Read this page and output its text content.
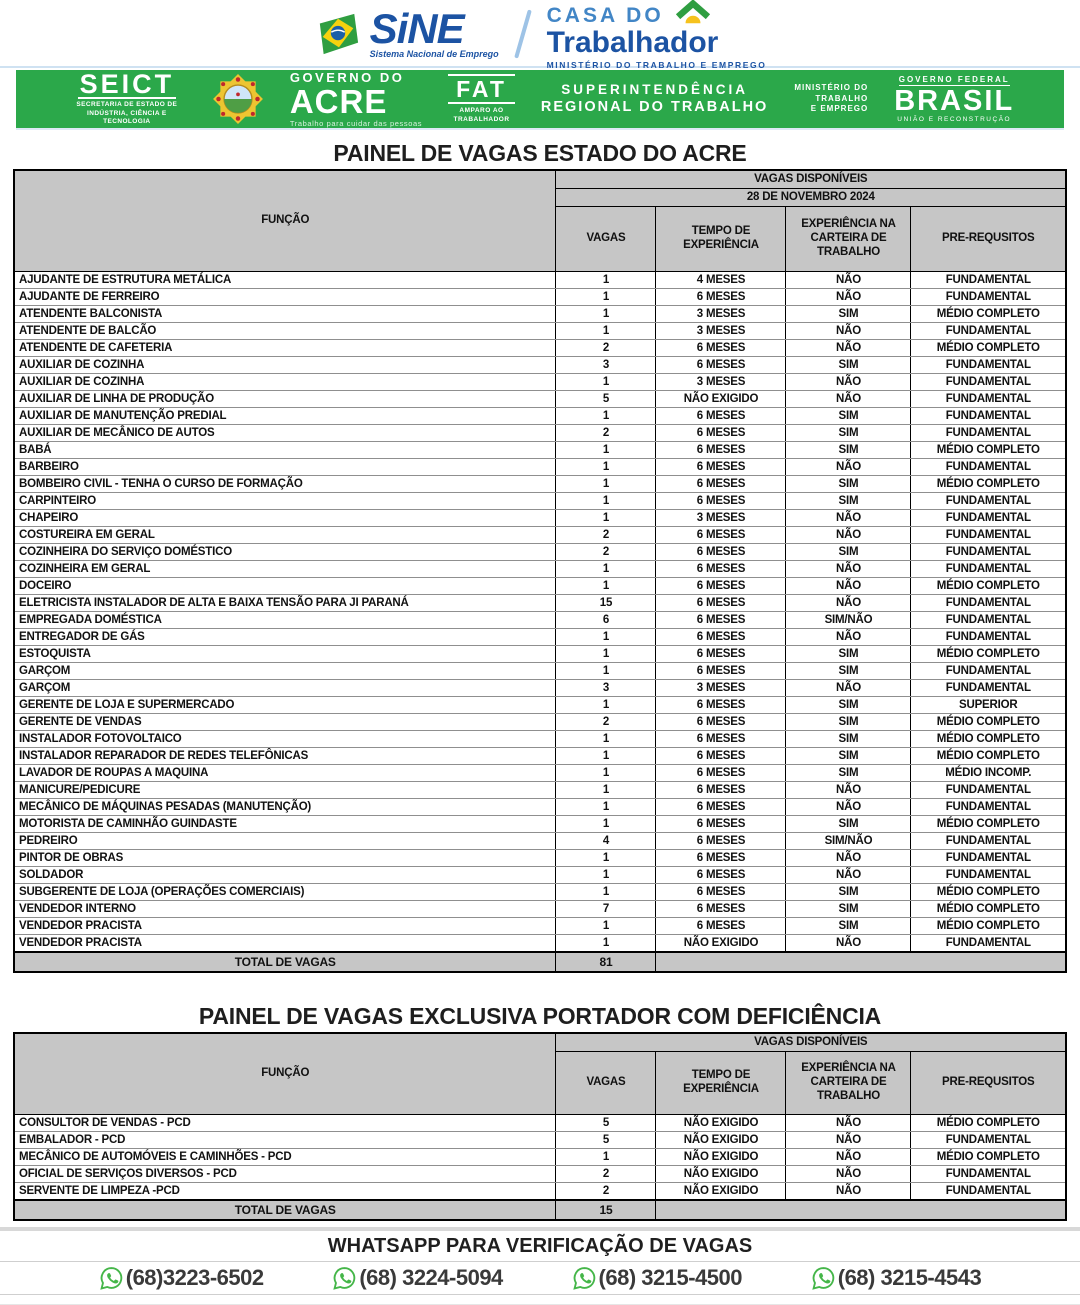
SiNE
Sistema Nacional de Emprego
CASA DO
Trabalhador
MINISTÉRIO DO TRABALHO E EMPREGO
SEICT
SECRETARIA DE ESTADO DE INDÚSTRIA, CIÊNCIA E TECNOLOGIA
GOVERNO DO
ACRE
Trabalho para cuidar das pessoas
FAT
AMPARO AO TRABALHADOR
SUPERINTENDÊNCIA
REGIONAL DO TRABALHO
MINISTÉRIO DO
TRABALHO
E EMPREGO
GOVERNO FEDERAL
BRASIL
UNIÃO E RECONSTRUÇÃO
PAINEL DE VAGAS ESTADO DO ACRE
FUNÇÃO	VAGAS DISPONÍVEIS			
	28 DE NOVEMBRO 2024			
	VAGAS	TEMPO DE EXPERIÊNCIA	EXPERIÊNCIA NA CARTEIRA DE TRABALHO	PRE-REQUSITOS
AJUDANTE DE ESTRUTURA METÁLICA	1	4 MESES	NÃO	FUNDAMENTAL
AJUDANTE DE FERREIRO	1	6 MESES	NÃO	FUNDAMENTAL
ATENDENTE BALCONISTA	1	3 MESES	SIM	MÉDIO COMPLETO
ATENDENTE DE BALCÃO	1	3 MESES	NÃO	FUNDAMENTAL
ATENDENTE DE CAFETERIA	2	6 MESES	NÃO	MÉDIO COMPLETO
AUXILIAR DE COZINHA	3	6 MESES	SIM	FUNDAMENTAL
AUXILIAR DE COZINHA	1	3 MESES	NÃO	FUNDAMENTAL
AUXILIAR DE LINHA DE PRODUÇÃO	5	NÃO EXIGIDO	NÃO	FUNDAMENTAL
AUXILIAR DE MANUTENÇÃO PREDIAL	1	6 MESES	SIM	FUNDAMENTAL
AUXILIAR DE MECÂNICO DE AUTOS	2	6 MESES	SIM	FUNDAMENTAL
BABÁ	1	6 MESES	SIM	MÉDIO COMPLETO
BARBEIRO	1	6 MESES	NÃO	FUNDAMENTAL
BOMBEIRO CIVIL - TENHA O CURSO DE FORMAÇÃO	1	6 MESES	SIM	MÉDIO COMPLETO
CARPINTEIRO	1	6 MESES	SIM	FUNDAMENTAL
CHAPEIRO	1	3 MESES	NÃO	FUNDAMENTAL
COSTUREIRA EM GERAL	2	6 MESES	NÃO	FUNDAMENTAL
COZINHEIRA DO SERVIÇO DOMÉSTICO	2	6 MESES	SIM	FUNDAMENTAL
COZINHEIRA EM GERAL	1	6 MESES	NÃO	FUNDAMENTAL
DOCEIRO	1	6 MESES	NÃO	MÉDIO COMPLETO
ELETRICISTA INSTALADOR DE ALTA E BAIXA TENSÃO PARA JI PARANÁ	15	6 MESES	NÃO	FUNDAMENTAL
EMPREGADA DOMÉSTICA	6	6 MESES	SIM/NÃO	FUNDAMENTAL
ENTREGADOR DE GÁS	1	6 MESES	NÃO	FUNDAMENTAL
ESTOQUISTA	1	6 MESES	SIM	MÉDIO COMPLETO
GARÇOM	1	6 MESES	SIM	FUNDAMENTAL
GARÇOM	3	3 MESES	NÃO	FUNDAMENTAL
GERENTE DE LOJA E SUPERMERCADO	1	6 MESES	SIM	SUPERIOR
GERENTE DE VENDAS	2	6 MESES	SIM	MÉDIO COMPLETO
INSTALADOR FOTOVOLTAICO	1	6 MESES	SIM	MÉDIO COMPLETO
INSTALADOR REPARADOR DE REDES TELEFÔNICAS	1	6 MESES	SIM	MÉDIO COMPLETO
LAVADOR DE ROUPAS A MAQUINA	1	6 MESES	SIM	MÉDIO INCOMP.
MANICURE/PEDICURE	1	6 MESES	NÃO	FUNDAMENTAL
MECÂNICO DE MÁQUINAS PESADAS (MANUTENÇÃO)	1	6 MESES	NÃO	FUNDAMENTAL
MOTORISTA DE CAMINHÃO GUINDASTE	1	6 MESES	SIM	MÉDIO COMPLETO
PEDREIRO	4	6 MESES	SIM/NÃO	FUNDAMENTAL
PINTOR DE OBRAS	1	6 MESES	NÃO	FUNDAMENTAL
SOLDADOR	1	6 MESES	NÃO	FUNDAMENTAL
SUBGERENTE DE LOJA (OPERAÇÕES COMERCIAIS)	1	6 MESES	SIM	MÉDIO COMPLETO
VENDEDOR INTERNO	7	6 MESES	SIM	MÉDIO COMPLETO
VENDEDOR PRACISTA	1	6 MESES	SIM	MÉDIO COMPLETO
VENDEDOR PRACISTA	1	NÃO EXIGIDO	NÃO	FUNDAMENTAL
TOTAL DE VAGAS	81			
PAINEL DE VAGAS EXCLUSIVA PORTADOR COM DEFICIÊNCIA
FUNÇÃO	VAGAS DISPONÍVEIS			
	VAGAS	TEMPO DE EXPERIÊNCIA	EXPERIÊNCIA NA CARTEIRA DE TRABALHO	PRE-REQUSITOS
CONSULTOR DE VENDAS - PCD	5	NÃO EXIGIDO	NÃO	MÉDIO COMPLETO
EMBALADOR - PCD	5	NÃO EXIGIDO	NÃO	FUNDAMENTAL
MECÂNICO DE AUTOMÓVEIS E CAMINHÕES - PCD	1	NÃO EXIGIDO	NÃO	MÉDIO COMPLETO
OFICIAL DE SERVIÇOS DIVERSOS - PCD	2	NÃO EXIGIDO	NÃO	FUNDAMENTAL
SERVENTE DE LIMPEZA -PCD	2	NÃO EXIGIDO	NÃO	FUNDAMENTAL
TOTAL DE VAGAS	15			
WHATSAPP PARA VERIFICAÇÃO DE VAGAS
(68)3223-6502	(68) 3224-5094	(68) 3215-4500	(68) 3215-4543
